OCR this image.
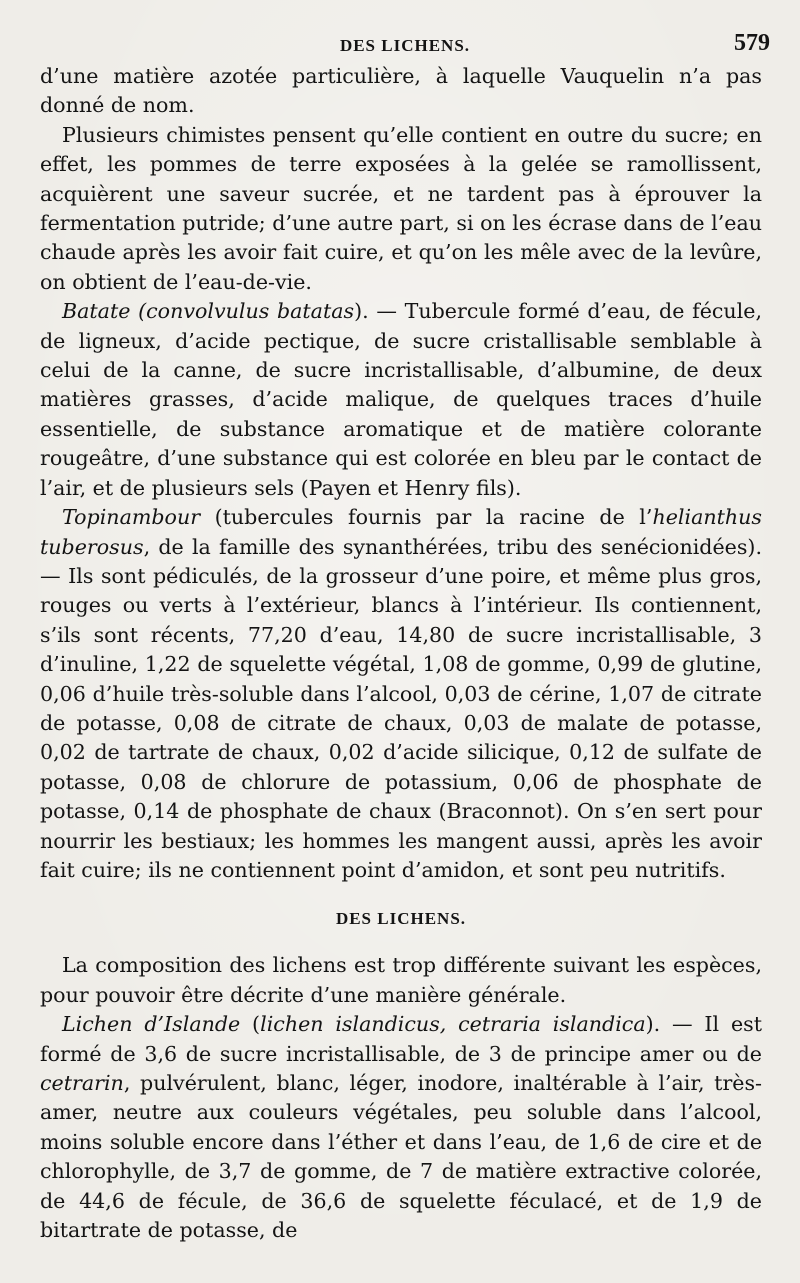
DES LICHENS.	579

d’une matière azotée particulière, à laquelle Vauquelin n’a pas donné de nom.

Plusieurs chimistes pensent qu’elle contient en outre du sucre; en effet, les pommes de terre exposées à la gelée se ramollissent, acquièrent une saveur sucrée, et ne tardent pas à éprouver la fermentation putride; d’une autre part, si on les écrase dans de l’eau chaude après les avoir fait cuire, et qu’on les mêle avec de la levûre, on obtient de l’eau-de-vie.

Batate (convolvulus batatas). — Tubercule formé d’eau, de fécule, de ligneux, d’acide pectique, de sucre cristallisable semblable à celui de la canne, de sucre incristallisable, d’albumine, de deux matières grasses, d’acide malique, de quelques traces d’huile essentielle, de substance aromatique et de matière colorante rougeâtre, d’une substance qui est colorée en bleu par le contact de l’air, et de plusieurs sels (Payen et Henry fils).

Topinambour (tubercules fournis par la racine de l’helianthus tuberosus, de la famille des synanthérées, tribu des senécionidées). — Ils sont pédiculés, de la grosseur d’une poire, et même plus gros, rouges ou verts à l’extérieur, blancs à l’intérieur. Ils contiennent, s’ils sont récents, 77,20 d’eau, 14,80 de sucre incristallisable, 3 d’inuline, 1,22 de squelette végétal, 1,08 de gomme, 0,99 de glutine, 0,06 d’huile très-soluble dans l’alcool, 0,03 de cérine, 1,07 de citrate de potasse, 0,08 de citrate de chaux, 0,03 de malate de potasse, 0,02 de tartrate de chaux, 0,02 d’acide silicique, 0,12 de sulfate de potasse, 0,08 de chlorure de potassium, 0,06 de phosphate de potasse, 0,14 de phosphate de chaux (Braconnot). On s’en sert pour nourrir les bestiaux; les hommes les mangent aussi, après les avoir fait cuire; ils ne contiennent point d’amidon, et sont peu nutritifs.

DES LICHENS.

La composition des lichens est trop différente suivant les espèces, pour pouvoir être décrite d’une manière générale.

Lichen d’Islande (lichen islandicus, cetraria islandica). — Il est formé de 3,6 de sucre incristallisable, de 3 de principe amer ou de cetrarin, pulvérulent, blanc, léger, inodore, inaltérable à l’air, très-amer, neutre aux couleurs végétales, peu soluble dans l’alcool, moins soluble encore dans l’éther et dans l’eau, de 1,6 de cire et de chlorophylle, de 3,7 de gomme, de 7 de matière extractive colorée, de 44,6 de fécule, de 36,6 de squelette féculacé, et de 1,9 de bitartrate de potasse, de
